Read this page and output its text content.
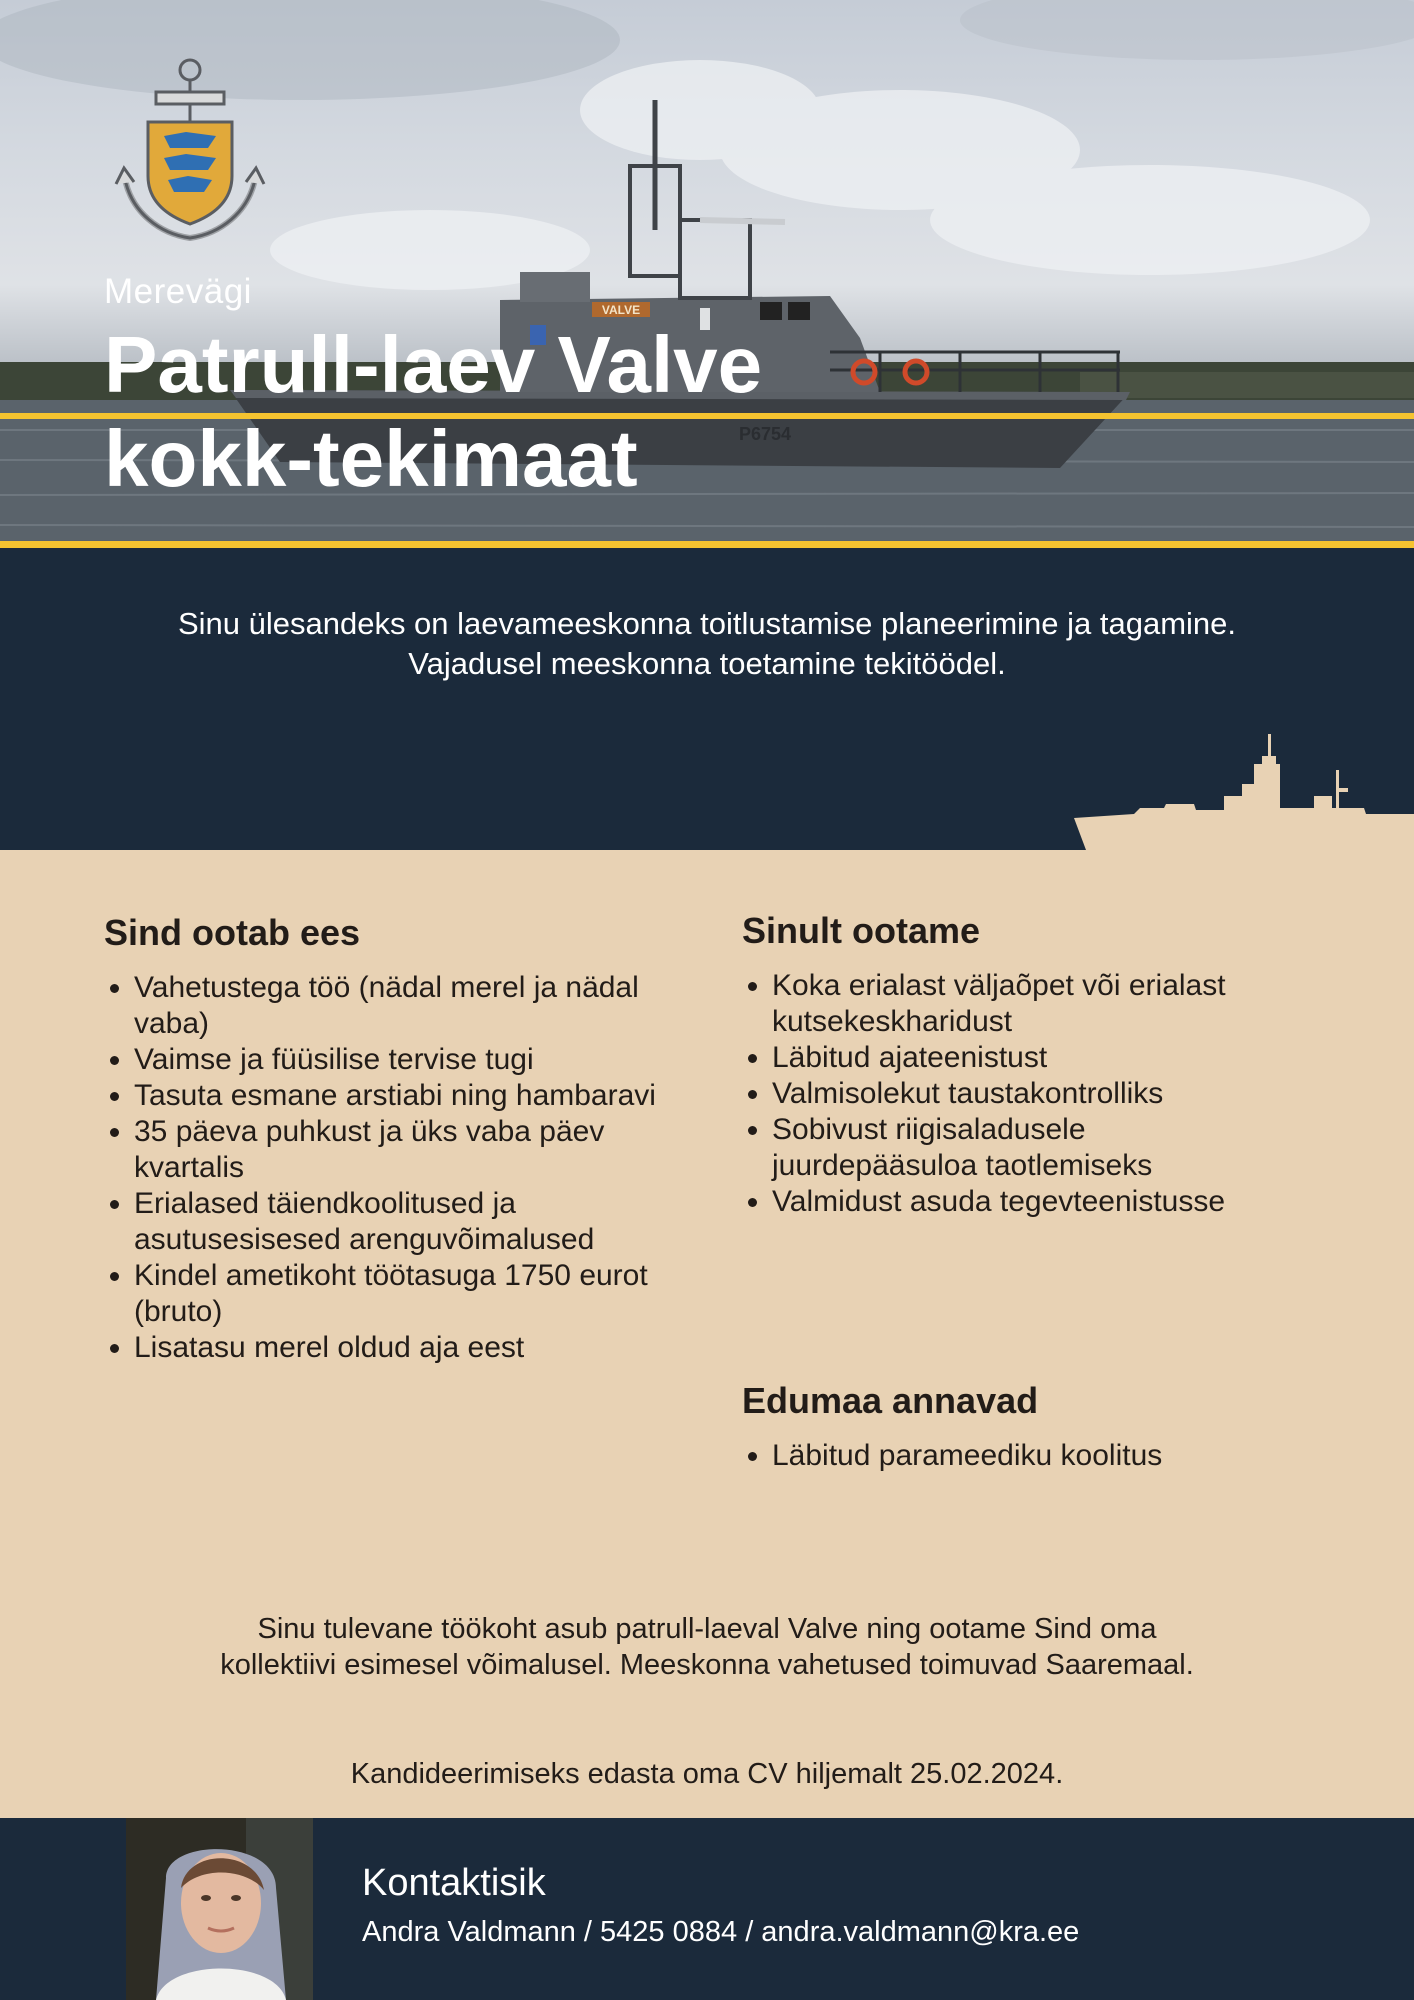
VALVE
P6754
Merevägi
Patrull-laev Valve
kokk-tekimaat

Sinu ülesandeks on laevameeskonna toitlustamise planeerimine ja tagamine. Vajadusel meeskonna toetamine tekitöödel.

Sind ootab ees
• Vahetustega töö (nädal merel ja nädal vaba)
• Vaimse ja füüsilise tervise tugi
• Tasuta esmane arstiabi ning hambaravi
• 35 päeva puhkust ja üks vaba päev kvartalis
• Erialased täiendkoolitused ja asutusesisesed arenguvõimalused
• Kindel ametikoht töötasuga 1750 eurot (bruto)
• Lisatasu merel oldud aja eest
Sinult ootame
• Koka erialast väljaõpet või erialast kutsekeskharidust
• Läbitud ajateenistust
• Valmisolekut taustakontrolliks
• Sobivust riigisaladusele juurdepääsuloa taotlemiseks
• Valmidust asuda tegevteenistusse
Edumaa annavad
• Läbitud parameediku koolitus

Sinu tulevane töökoht asub patrull-laeval Valve ning ootame Sind oma kollektiivi esimesel võimalusel. Meeskonna vahetused toimuvad Saaremaal.

Kandideerimiseks edasta oma CV hiljemalt 25.02.2024.

Kontaktisik
Andra Valdmann / 5425 0884 / andra.valdmann@kra.ee
